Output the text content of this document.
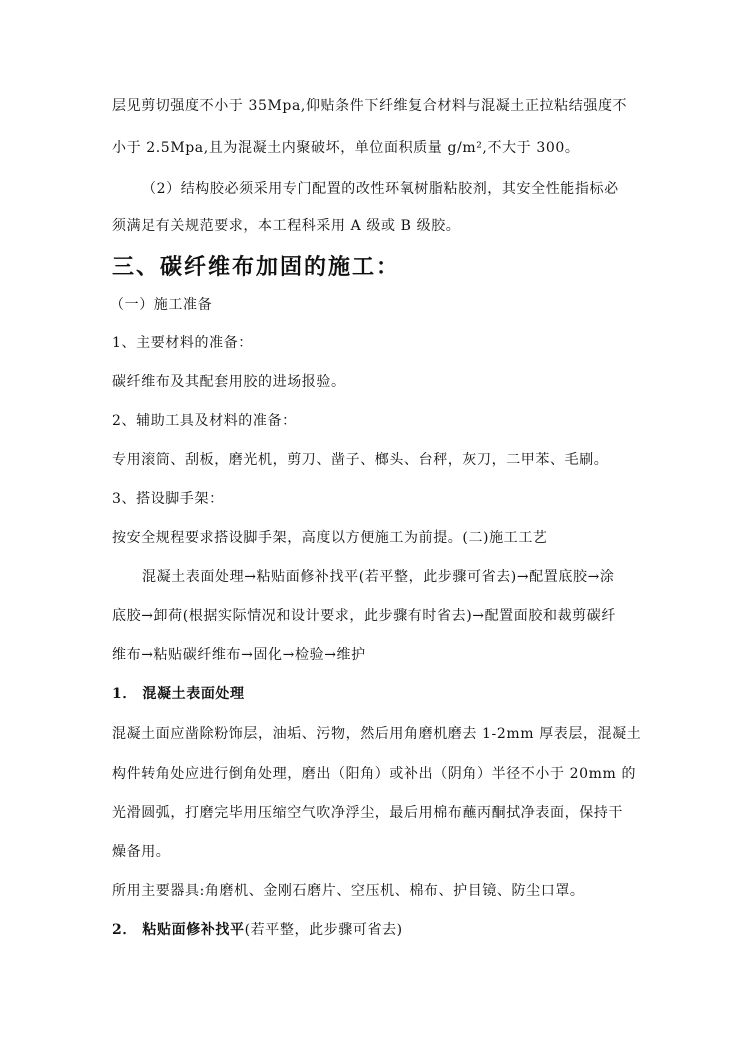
层见剪切强度不小于 35Mpa,仰贴条件下纤维复合材料与混凝土正拉粘结强度不
小于 2.5Mpa,且为混凝土内聚破坏，单位面积质量 g/m²,不大于 300。
（2）结构胶必须采用专门配置的改性环氧树脂粘胶剂，其安全性能指标必
须满足有关规范要求，本工程科采用 A 级或 B 级胶。
三、碳纤维布加固的施工：
（一）施工准备
1、主要材料的准备：
碳纤维布及其配套用胶的进场报验。
2、辅助工具及材料的准备：
专用滚筒、刮板，磨光机，剪刀、凿子、榔头、台秤，灰刀，二甲苯、毛刷。
3、搭设脚手架：
按安全规程要求搭设脚手架，高度以方便施工为前提。(二)施工工艺
混凝土表面处理→粘贴面修补找平(若平整，此步骤可省去)→配置底胶→涂
底胶→卸荷(根据实际情况和设计要求，此步骤有时省去)→配置面胶和裁剪碳纤
维布→粘贴碳纤维布→固化→检验→维护
1． 混凝土表面处理
混凝土面应凿除粉饰层，油垢、污物，然后用角磨机磨去 1-2mm 厚表层，混凝土
构件转角处应进行倒角处理，磨出（阳角）或补出（阴角）半径不小于 20mm 的
光滑圆弧，打磨完毕用压缩空气吹净浮尘，最后用棉布蘸丙酮拭净表面，保持干
燥备用。
所用主要器具:角磨机、金刚石磨片、空压机、棉布、护目镜、防尘口罩。
2． 粘贴面修补找平(若平整，此步骤可省去)
